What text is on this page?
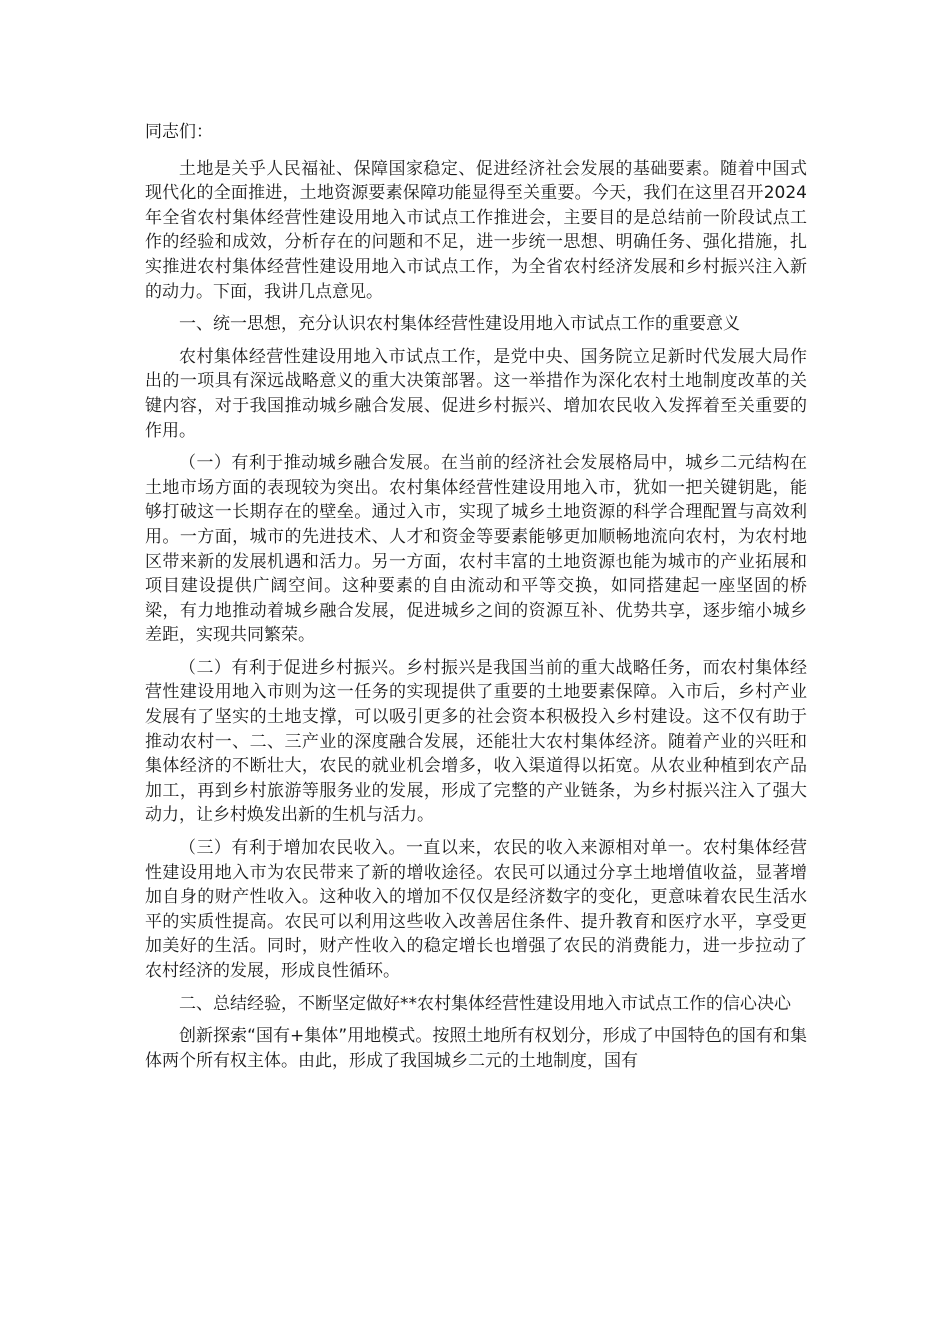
同志们：

土地是关乎人民福祉、保障国家稳定、促进经济社会发展的基础要素。随着中国式现代化的全面推进，土地资源要素保障功能显得至关重要。今天，我们在这里召开2024年全省农村集体经营性建设用地入市试点工作推进会，主要目的是总结前一阶段试点工作的经验和成效，分析存在的问题和不足，进一步统一思想、明确任务、强化措施，扎实推进农村集体经营性建设用地入市试点工作，为全省农村经济发展和乡村振兴注入新的动力。下面，我讲几点意见。

一、统一思想，充分认识农村集体经营性建设用地入市试点工作的重要意义

农村集体经营性建设用地入市试点工作，是党中央、国务院立足新时代发展大局作出的一项具有深远战略意义的重大决策部署。这一举措作为深化农村土地制度改革的关键内容，对于我国推动城乡融合发展、促进乡村振兴、增加农民收入发挥着至关重要的作用。

（一）有利于推动城乡融合发展。在当前的经济社会发展格局中，城乡二元结构在土地市场方面的表现较为突出。农村集体经营性建设用地入市，犹如一把关键钥匙，能够打破这一长期存在的壁垒。通过入市，实现了城乡土地资源的科学合理配置与高效利用。一方面，城市的先进技术、人才和资金等要素能够更加顺畅地流向农村，为农村地区带来新的发展机遇和活力。另一方面，农村丰富的土地资源也能为城市的产业拓展和项目建设提供广阔空间。这种要素的自由流动和平等交换，如同搭建起一座坚固的桥梁，有力地推动着城乡融合发展，促进城乡之间的资源互补、优势共享，逐步缩小城乡差距，实现共同繁荣。

（二）有利于促进乡村振兴。乡村振兴是我国当前的重大战略任务，而农村集体经营性建设用地入市则为这一任务的实现提供了重要的土地要素保障。入市后，乡村产业发展有了坚实的土地支撑，可以吸引更多的社会资本积极投入乡村建设。这不仅有助于推动农村一、二、三产业的深度融合发展，还能壮大农村集体经济。随着产业的兴旺和集体经济的不断壮大，农民的就业机会增多，收入渠道得以拓宽。从农业种植到农产品加工，再到乡村旅游等服务业的发展，形成了完整的产业链条，为乡村振兴注入了强大动力，让乡村焕发出新的生机与活力。

（三）有利于增加农民收入。一直以来，农民的收入来源相对单一。农村集体经营性建设用地入市为农民带来了新的增收途径。农民可以通过分享土地增值收益，显著增加自身的财产性收入。这种收入的增加不仅仅是经济数字的变化，更意味着农民生活水平的实质性提高。农民可以利用这些收入改善居住条件、提升教育和医疗水平，享受更加美好的生活。同时，财产性收入的稳定增长也增强了农民的消费能力，进一步拉动了农村经济的发展，形成良性循环。

二、总结经验，不断坚定做好**农村集体经营性建设用地入市试点工作的信心决心

创新探索“国有+集体”用地模式。按照土地所有权划分，形成了中国特色的国有和集体两个所有权主体。由此，形成了我国城乡二元的土地制度，国有
